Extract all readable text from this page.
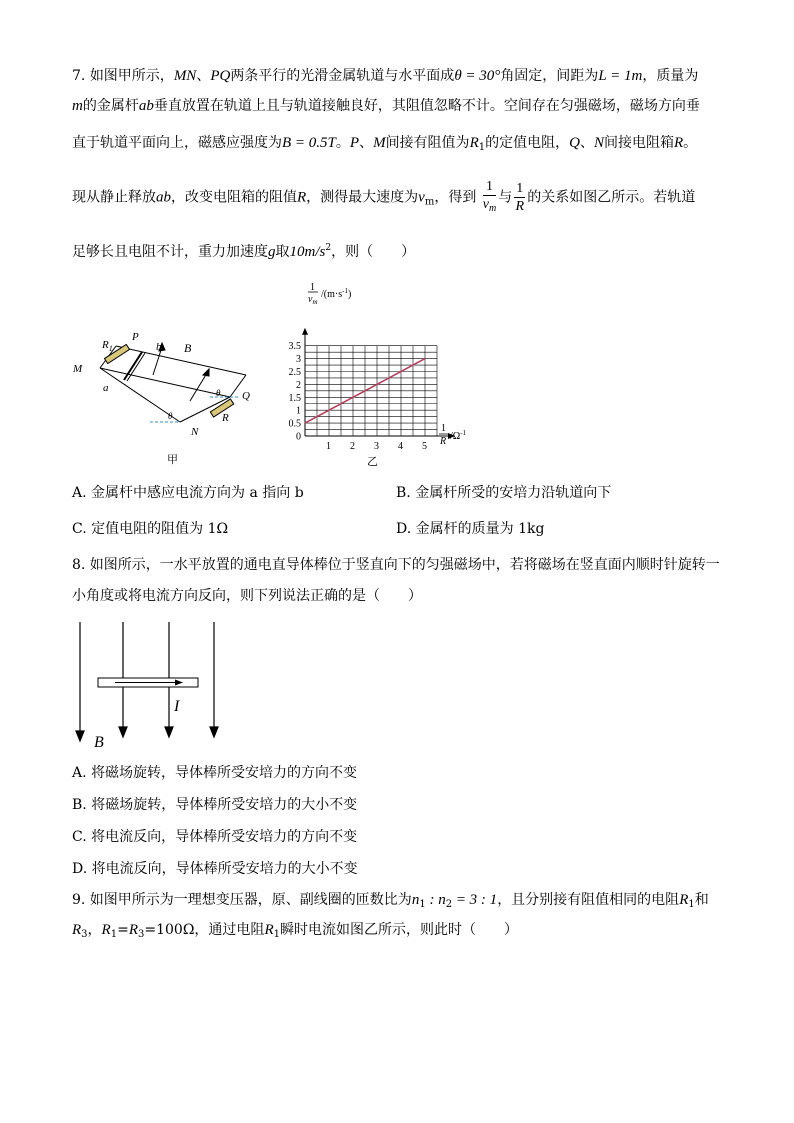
7. 如图甲所示，MN、PQ两条平行的光滑金属轨道与水平面成θ = 30°角固定，间距为L = 1m，质量为
m的金属杆ab垂直放置在轨道上且与轨道接触良好，其阻值忽略不计。空间存在匀强磁场，磁场方向垂
直于轨道平面向上，磁感应强度为B = 0.5T。P、M间接有阻值为$R_1$的定值电阻，Q、N间接电阻箱R。
现从静止释放ab，改变电阻箱的阻值R，测得最大速度为$v_m$，得到 $\frac{1}{v_m}$ 与 $\frac{1}{R}$ 的关系如图乙所示。若轨道
足够长且电阻不计，重力加速度g取$10m/s^2$，则（　　）
P
M
$R_1$	b B
a
θ
Q
θ
R
N
甲
1 2 3 4 5
0
0.5
1
1.5
2
2.5
3
3.5
1
$v_m$
$/(m\cdot s^{-1})$
1
R $/\Omega^{-1}$
乙
A. 金属杆中感应电流方向为 a 指向 b	B. 金属杆所受的安培力沿轨道向下
C. 定值电阻的阻值为 1Ω	D. 金属杆的质量为 1kg
8. 如图所示，一水平放置的通电直导体棒位于竖直向下的匀强磁场中，若将磁场在竖直面内顺时针旋转一
小角度或将电流方向反向，则下列说法正确的是（　　）
I
B
A. 将磁场旋转，导体棒所受安培力的方向不变
B. 将磁场旋转，导体棒所受安培力的大小不变
C. 将电流反向，导体棒所受安培力的方向不变
D. 将电流反向，导体棒所受安培力的大小不变
9. 如图甲所示为一理想变压器，原、副线圈的匝数比为$n_1$ : $n_2 = 3$ : 1，且分别接有阻值相同的电阻$R_1$和
$R_3$，$R_1=R_3=100\Omega$，通过电阻$R_1$瞬时电流如图乙所示，则此时（　　）
